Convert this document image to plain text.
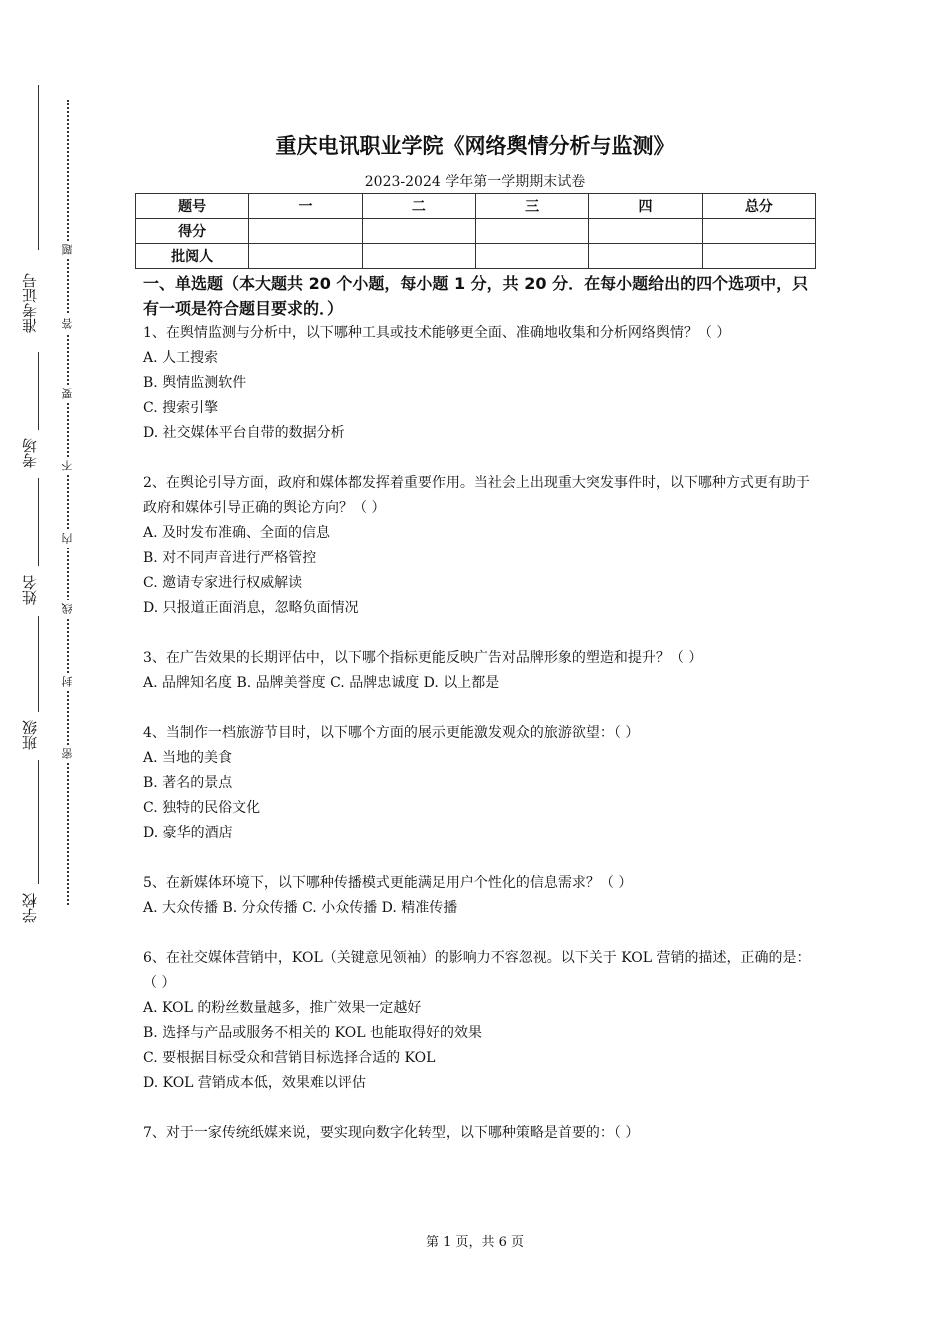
准考证号
考场
姓名
班级
学校
题
答
要
不
内
线
封
密
重庆电讯职业学院《网络舆情分析与监测》
2023-2024 学年第一学期期末试卷
题号	一	二	三	四	总分
得分					
批阅人					
一、单选题（本大题共 20 个小题，每小题 1 分，共 20 分．在每小题给出的四个选项中，只有一项是符合题目要求的．）

1、在舆情监测与分析中，以下哪种工具或技术能够更全面、准确地收集和分析网络舆情？（ ）

A. 人工搜索

B. 舆情监测软件

C. 搜索引擎

D. 社交媒体平台自带的数据分析

2、在舆论引导方面，政府和媒体都发挥着重要作用。当社会上出现重大突发事件时，以下哪种方式更有助于政府和媒体引导正确的舆论方向？（ ）

A. 及时发布准确、全面的信息

B. 对不同声音进行严格管控

C. 邀请专家进行权威解读

D. 只报道正面消息，忽略负面情况

3、在广告效果的长期评估中，以下哪个指标更能反映广告对品牌形象的塑造和提升？（ ）

A. 品牌知名度 B. 品牌美誉度 C. 品牌忠诚度 D. 以上都是

4、当制作一档旅游节目时，以下哪个方面的展示更能激发观众的旅游欲望：（ ）

A. 当地的美食

B. 著名的景点

C. 独特的民俗文化

D. 豪华的酒店

5、在新媒体环境下，以下哪种传播模式更能满足用户个性化的信息需求？（ ）

A. 大众传播 B. 分众传播 C. 小众传播 D. 精准传播

6、在社交媒体营销中，KOL（关键意见领袖）的影响力不容忽视。以下关于 KOL 营销的描述，正确的是：（ ）

A. KOL 的粉丝数量越多，推广效果一定越好

B. 选择与产品或服务不相关的 KOL 也能取得好的效果

C. 要根据目标受众和营销目标选择合适的 KOL

D. KOL 营销成本低，效果难以评估

7、对于一家传统纸媒来说，要实现向数字化转型，以下哪种策略是首要的：（ ）

第 1 页，共 6 页
